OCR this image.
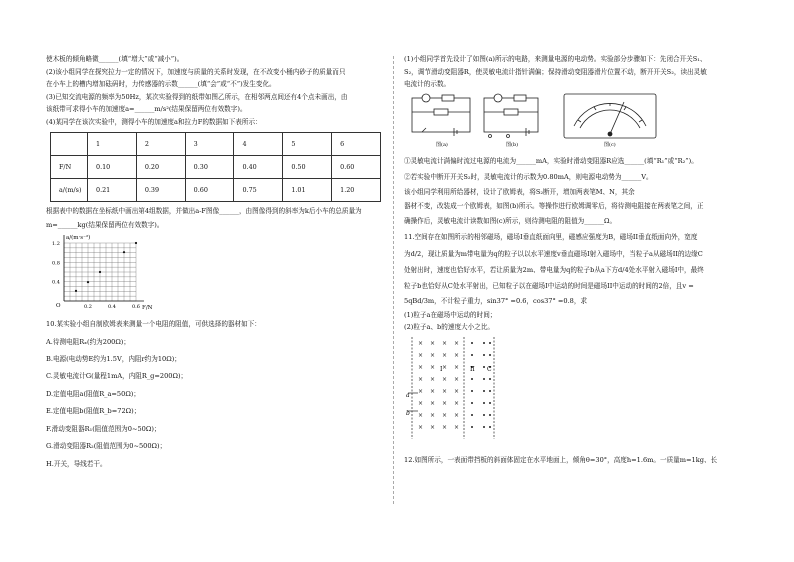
使木板的倾角略微______(填“增大”或“减小”)。

(2)该小组同学在探究拉力一定的情况下，加速度与质量的关系时发现，在不改变小桶内砂子的质量而只

在小车上的槽内增加砝码时，力传感器的示数______(填“会”或“不”)发生变化。

(3)已知交流电源的频率为50Hz，某次实验得到的纸带如图乙所示，在相邻两点间还有4个点未画出，由

该纸带可求得小车的加速度a=______m/s²(结果保留两位有效数字)。

(4)某同学在该次实验中，测得小车的加速度a和拉力F的数据如下表所示：

	1	2	3	4	5	6
F/N	0.10	0.20	0.30	0.40	0.50	0.60
a/(m/s)	0.21	0.39	0.60	0.75	1.01	1.20

根据表中的数据在坐标纸中画出第4组数据，并做出a-F图像______，由图像得到的斜率为k后小车的总质量为

m=______kg(结果保留两位有效数字)。

0.2	0.4	0.6
0.4
0.8
1.2
a/(m·s⁻²)
F/N
O

10.某实验小组自制欧姆表来测量一个电阻的阻值，可供选择的器材如下：

A.待测电阻Rₓ(约为200Ω)；

B.电源(电动势E约为1.5V，内阻r约为10Ω)；

C.灵敏电流计G(量程1mA，内阻R_g=200Ω)；

D.定值电阻a(阻值R_a=50Ω)；

E.定值电阻b(阻值R_b=72Ω)；

F.滑动变阻器R₁(阻值范围为0~50Ω)；

G.滑动变阻器R₂(阻值范围为0~500Ω)；

H.开关，导线若干。

(1)小组同学首先设计了如图(a)所示的电路，来测量电源的电动势。实验部分步骤如下：先闭合开关S₁、

S₂，调节滑动变阻器R，使灵敏电流计指针满偏；保持滑动变阻器滑片位置不动，断开开关S₂，读出灵敏

电流计的示数。

图(a)	图(b)	图(c)

①灵敏电流计满偏时流过电源的电流为______mA，实验时滑动变阻器R应选______(填“R₁”或“R₂”)。

②若实验中断开开关S₂时，灵敏电流计的示数为0.80mA，则电源电动势为______V。

该小组同学利用所给器材，设计了欧姆表，将S₂断开，增加两表笔M、N，其余

器材不变，改装成一个欧姆表，如图(b)所示。等操作进行欧姆调零后，将待测电阻接在两表笔之间，正

确操作后，灵敏电流计读数如图(c)所示，则待测电阻的阻值为______Ω。

11.空间存在如图所示的相邻磁场，磁场I垂直纸面向里，磁感应强度为B，磁场II垂直纸面向外，宽度

为d/2，现让质量为m带电量为q的粒子以以水平速度v垂直磁场I射入磁场中，当粒子a从磁场II的边缘C

处射出时，速度也恰好水平，若让质量为2m、带电量为q的粒子b从a下方d/4处水平射入磁场I中，最终

粒子b也恰好从C处水平射出，已知粒子以在磁场I中运动的时间是磁场II中运动的时间的2倍，且v =

5qBd/3m，不计粒子重力，sin37° =0.6，cos37° =0.8，求

(1)粒子a在磁场中运动的时间；

(2)粒子a、b的速度大小之比。

× × × ×
× × × ×
× × × ×
× × × ×
× × × ×
× × × ×
× × × ×
× × × ×
I	II C
a
b

12.如图所示，一表面带挡板的斜面体固定在水平地面上，倾角θ=30°，高度h=1.6m。一质量m=1kg、长
